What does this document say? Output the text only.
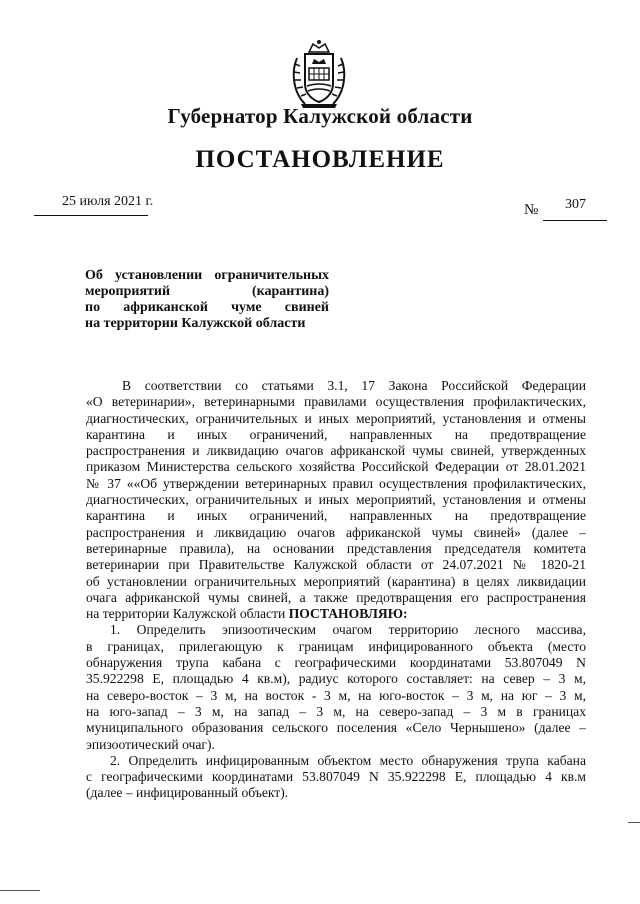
Губернатор Калужской области
ПОСТАНОВЛЕНИЕ
25 июля 2021 г.
№ 307
Об установлении ограничительных
мероприятий (карантина)
по африканской чуме свиней
на территории Калужской области
В соответствии со статьями 3.1, 17 Закона Российской Федерации
«О ветеринарии», ветеринарными правилами осуществления профилактических,
диагностических, ограничительных и иных мероприятий, установления и отмены
карантина и иных ограничений, направленных на предотвращение
распространения и ликвидацию очагов африканской чумы свиней, утвержденных
приказом Министерства сельского хозяйства Российской Федерации от 28.01.2021
№ 37 ««Об утверждении ветеринарных правил осуществления профилактических,
диагностических, ограничительных и иных мероприятий, установления и отмены
карантина и иных ограничений, направленных на предотвращение
распространения и ликвидацию очагов африканской чумы свиней» (далее –
ветеринарные правила), на основании представления председателя комитета
ветеринарии при Правительстве Калужской области от 24.07.2021 № 1820-21
об установлении ограничительных мероприятий (карантина) в целях ликвидации
очага африканской чумы свиней, а также предотвращения его распространения
на территории Калужской области ПОСТАНОВЛЯЮ:
1. Определить эпизоотическим очагом территорию лесного массива,
в границах, прилегающую к границам инфицированного объекта (место
обнаружения трупа кабана с географическими координатами 53.807049 N
35.922298 E, площадью 4 кв.м), радиус которого составляет: на север – 3 м,
на северо-восток – 3 м, на восток - 3 м, на юго-восток – 3 м, на юг – 3 м,
на юго-запад – 3 м, на запад – 3 м, на северо-запад – 3 м в границах
муниципального образования сельского поселения «Село Чернышено» (далее –
эпизоотический очаг).
2. Определить инфицированным объектом место обнаружения трупа кабана
с географическими координатами 53.807049 N 35.922298 E, площадью 4 кв.м
(далее – инфицированный объект).
